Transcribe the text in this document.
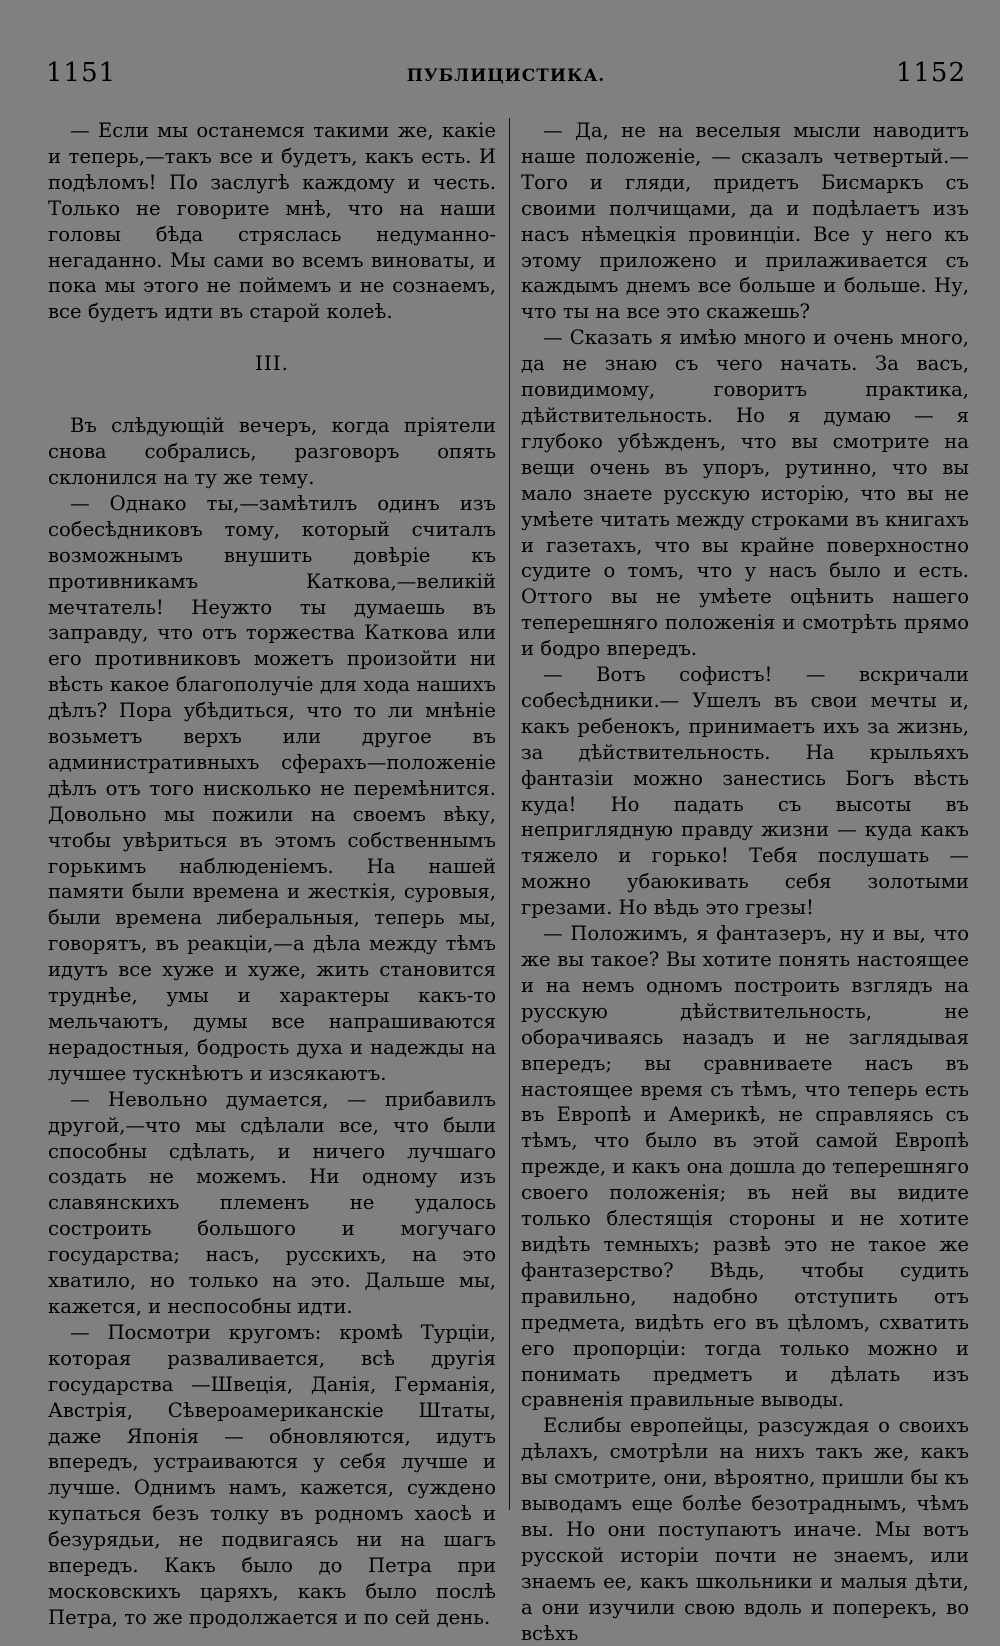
1151	ПУБЛИЦИСТИКА.	1152

— Если мы останемся такими же, какіе и теперь,—такъ все и будетъ, какъ есть. И подѣломъ! По заслугѣ каждому и честь. Только не говорите мнѣ, что на наши головы бѣда стряслась недуманно-негаданно. Мы сами во всемъ виноваты, и пока мы этого не поймемъ и не сознаемъ, все будетъ идти въ старой колеѣ.

III.

Въ слѣдующій вечеръ, когда пріятели снова собрались, разговоръ опять склонился на ту же тему.

— Однако ты,—замѣтилъ одинъ изъ собесѣдниковъ тому, который считалъ возможнымъ внушить довѣріе къ противникамъ Каткова,—великій мечтатель! Неужто ты думаешь въ заправду, что отъ торжества Каткова или его противниковъ можетъ произойти ни вѣсть какое благополучіе для хода нашихъ дѣлъ? Пора убѣдиться, что то ли мнѣніе возьметъ верхъ или другое въ административныхъ сферахъ—положеніе дѣлъ отъ того нисколько не перемѣнится. Довольно мы пожили на своемъ вѣку, чтобы увѣриться въ этомъ собственнымъ горькимъ наблюденіемъ. На нашей памяти были времена и жесткія, суровыя, были времена либеральныя, теперь мы, говорятъ, въ реакціи,—а дѣла между тѣмъ идутъ все хуже и хуже, жить становится труднѣе, умы и характеры какъ-то мельчаютъ, думы все напрашиваются нерадостныя, бодрость духа и надежды на лучшее тускнѣютъ и изсякаютъ.

— Невольно думается, — прибавилъ другой,—что мы сдѣлали все, что были способны сдѣлать, и ничего лучшаго создать не можемъ. Ни одному изъ славянскихъ племенъ не удалось состроить большого и могучаго государства; насъ, русскихъ, на это хватило, но только на это. Дальше мы, кажется, и неспособны идти.

— Посмотри кругомъ: кромѣ Турціи, которая разваливается, всѣ другія государства —Швеція, Данія, Германія, Австрія, Сѣвероамериканскіе Штаты, даже Японія — обновляются, идутъ впередъ, устраиваются у себя лучше и лучше. Однимъ намъ, кажется, суждено купаться безъ толку въ родномъ хаосѣ и безурядьи, не подвигаясь ни на шагъ впередъ. Какъ было до Петра при московскихъ царяхъ, какъ было послѣ Петра, то же продолжается и по сей день.

— Да, не на веселыя мысли наводитъ наше положеніе, — сказалъ четвертый.—Того и гляди, придетъ Бисмаркъ съ своими полчищами, да и подѣлаетъ изъ насъ нѣмецкія провинціи. Все у него къ этому приложено и прилаживается съ каждымъ днемъ все больше и больше. Ну, что ты на все это скажешь?

— Сказать я имѣю много и очень много, да не знаю съ чего начать. За васъ, повидимому, говоритъ практика, дѣйствительность. Но я думаю — я глубоко убѣжденъ, что вы смотрите на вещи очень въ упоръ, рутинно, что вы мало знаете русскую исторію, что вы не умѣете читать между строками въ книгахъ и газетахъ, что вы крайне поверхностно судите о томъ, что у насъ было и есть. Оттого вы не умѣете оцѣнить нашего теперешняго положенія и смотрѣть прямо и бодро впередъ.

— Вотъ софистъ! — вскричали собесѣдники.— Ушелъ въ свои мечты и, какъ ребенокъ, принимаетъ ихъ за жизнь, за дѣйствительность. На крыльяхъ фантазіи можно занестись Богъ вѣсть куда! Но падать съ высоты въ неприглядную правду жизни — куда какъ тяжело и горько! Тебя послушать — можно убаюкивать себя золотыми грезами. Но вѣдь это грезы!

— Положимъ, я фантазеръ, ну и вы, что же вы такое? Вы хотите понять настоящее и на немъ одномъ построить взглядъ на русскую дѣйствительность, не оборачиваясь назадъ и не заглядывая впередъ; вы сравниваете насъ въ настоящее время съ тѣмъ, что теперь есть въ Европѣ и Америкѣ, не справляясь съ тѣмъ, что было въ этой самой Европѣ прежде, и какъ она дошла до теперешняго своего положенія; въ ней вы видите только блестящія стороны и не хотите видѣть темныхъ; развѣ это не такое же фантазерство? Вѣдь, чтобы судить правильно, надобно отступить отъ предмета, видѣть его въ цѣломъ, схватить его пропорціи: тогда только можно и понимать предметъ и дѣлать изъ сравненія правильные выводы.

Еслибы европейцы, разсуждая о своихъ дѣлахъ, смотрѣли на нихъ такъ же, какъ вы смотрите, они, вѣроятно, пришли бы къ выводамъ еще болѣе безотраднымъ, чѣмъ вы. Но они поступаютъ иначе. Мы вотъ русской исторіи почти не знаемъ, или знаемъ ее, какъ школьники и малыя дѣти, а они изучили свою вдоль и поперекъ, во всѣхъ
